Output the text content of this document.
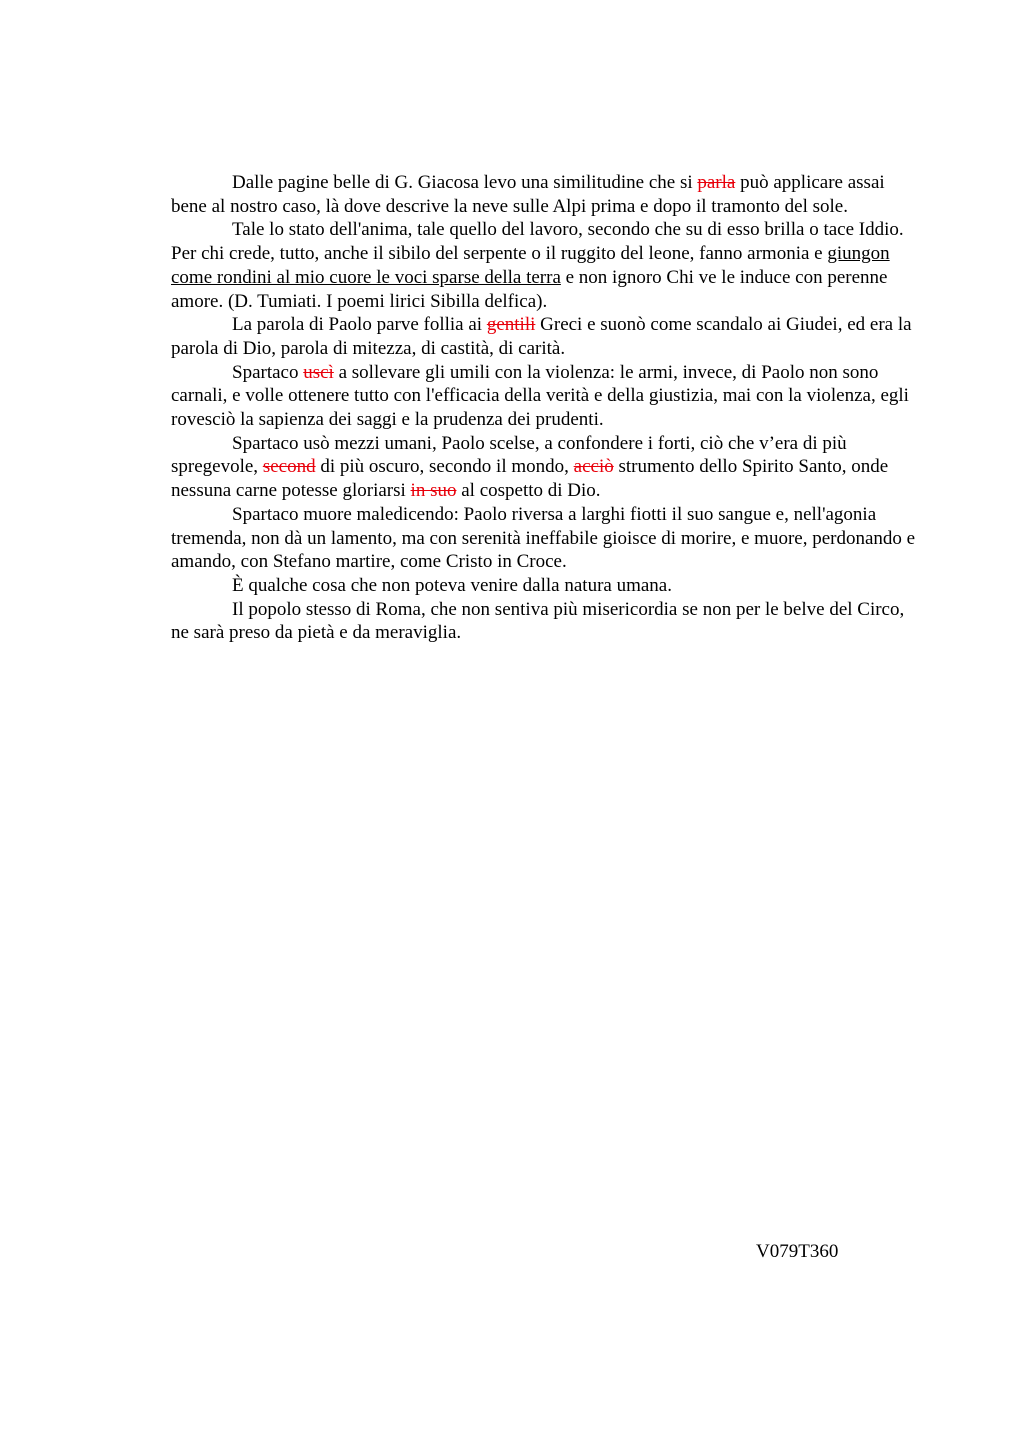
Dalle pagine belle di G. Giacosa levo una similitudine che si parla può applicare assai bene al nostro caso, là dove descrive la neve sulle Alpi prima e dopo il tramonto del sole.

Tale lo stato dell'anima, tale quello del lavoro, secondo che su di esso brilla o tace Iddio. Per chi crede, tutto, anche il sibilo del serpente o il ruggito del leone, fanno armonia e giungon come rondini al mio cuore le voci sparse della terra e non ignoro Chi ve le induce con perenne amore. (D. Tumiati. I poemi lirici Sibilla delfica).

La parola di Paolo parve follia ai gentili Greci e suonò come scandalo ai Giudei, ed era la parola di Dio, parola di mitezza, di castità, di carità.

Spartaco uscì a sollevare gli umili con la violenza: le armi, invece, di Paolo non sono carnali, e volle ottenere tutto con l'efficacia della verità e della giustizia, mai con la violenza, egli rovesciò la sapienza dei saggi e la prudenza dei prudenti.

Spartaco usò mezzi umani, Paolo scelse, a confondere i forti, ciò che v’era di più spregevole, second di più oscuro, secondo il mondo, acciò strumento dello Spirito Santo, onde nessuna carne potesse gloriarsi in suo al cospetto di Dio.

Spartaco muore maledicendo: Paolo riversa a larghi fiotti il suo sangue e, nell'agonia tremenda, non dà un lamento, ma con serenità ineffabile gioisce di morire, e muore, perdonando e amando, con Stefano martire, come Cristo in Croce.

È qualche cosa che non poteva venire dalla natura umana.

Il popolo stesso di Roma, che non sentiva più misericordia se non per le belve del Circo, ne sarà preso da pietà e da meraviglia.

V079T360
